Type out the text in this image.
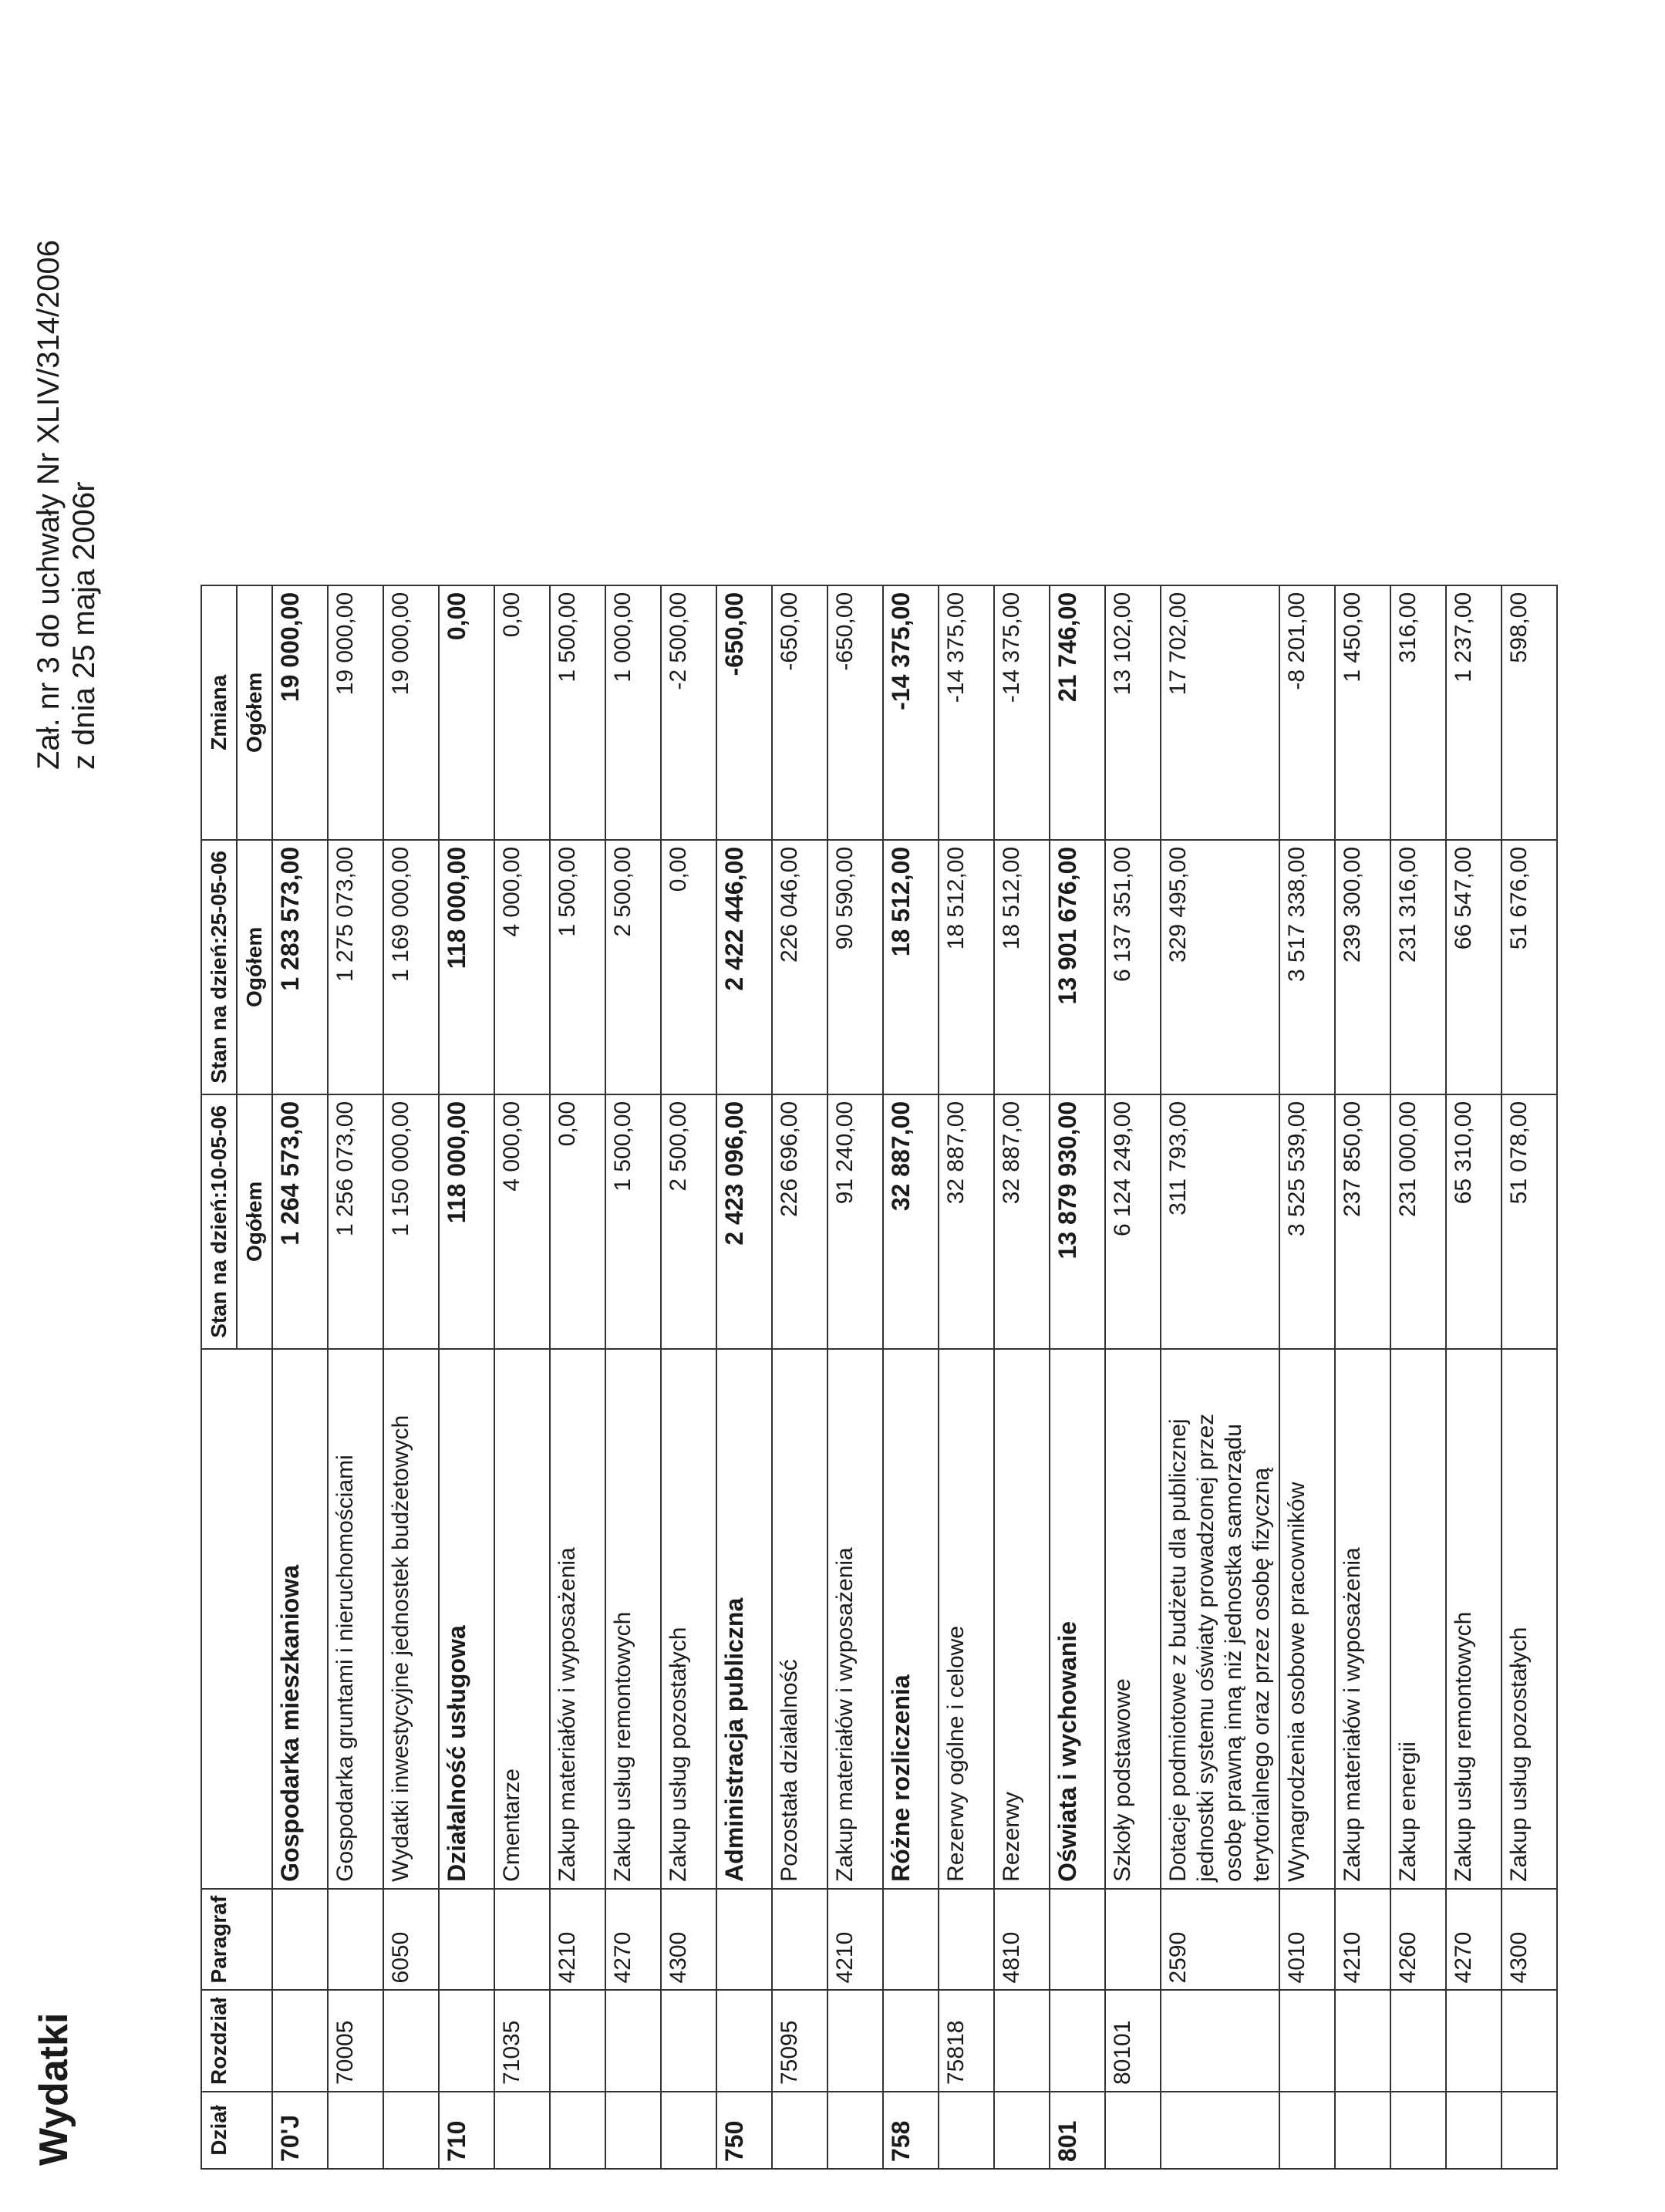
Wydatki
Zał. nr 3 do uchwały Nr XLIV/314/2006 z dnia 25 maja 2006r
Dział	Rozdział	Paragraf		Stan na dzień:10-05-06	Stan na dzień:25-05-06	Zmiana
				Ogółem	Ogółem	Ogółem
70'J			Gospodarka mieszkaniowa	1 264 573,00	1 283 573,00	19 000,00
	70005		Gospodarka gruntami i nieruchomościami	1 256 073,00	1 275 073,00	19 000,00
		6050	Wydatki inwestycyjne jednostek budżetowych	1 150 000,00	1 169 000,00	19 000,00
710			Działalność usługowa	118 000,00	118 000,00	0,00
	71035		Cmentarze	4 000,00	4 000,00	0,00
		4210	Zakup materiałów i wyposażenia	0,00	1 500,00	1 500,00
		4270	Zakup usług remontowych	1 500,00	2 500,00	1 000,00
		4300	Zakup usług pozostałych	2 500,00	0,00	-2 500,00
750			Administracja publiczna	2 423 096,00	2 422 446,00	-650,00
	75095		Pozostała działalność	226 696,00	226 046,00	-650,00
		4210	Zakup materiałów i wyposażenia	91 240,00	90 590,00	-650,00
758			Różne rozliczenia	32 887,00	18 512,00	-14 375,00
	75818		Rezerwy ogólne i celowe	32 887,00	18 512,00	-14 375,00
		4810	Rezerwy	32 887,00	18 512,00	-14 375,00
801			Oświata i wychowanie	13 879 930,00	13 901 676,00	21 746,00
	80101		Szkoły podstawowe	6 124 249,00	6 137 351,00	13 102,00
		2590	Dotacje podmiotowe z budżetu dla publicznej jednostki systemu oświaty prowadzonej przez osobę prawną inną niż jednostka samorządu terytorialnego oraz przez osobę fizyczną	311 793,00	329 495,00	17 702,00
		4010	Wynagrodzenia osobowe pracowników	3 525 539,00	3 517 338,00	-8 201,00
		4210	Zakup materiałów i wyposażenia	237 850,00	239 300,00	1 450,00
		4260	Zakup energii	231 000,00	231 316,00	316,00
		4270	Zakup usług remontowych	65 310,00	66 547,00	1 237,00
		4300	Zakup usług pozostałych	51 078,00	51 676,00	598,00
